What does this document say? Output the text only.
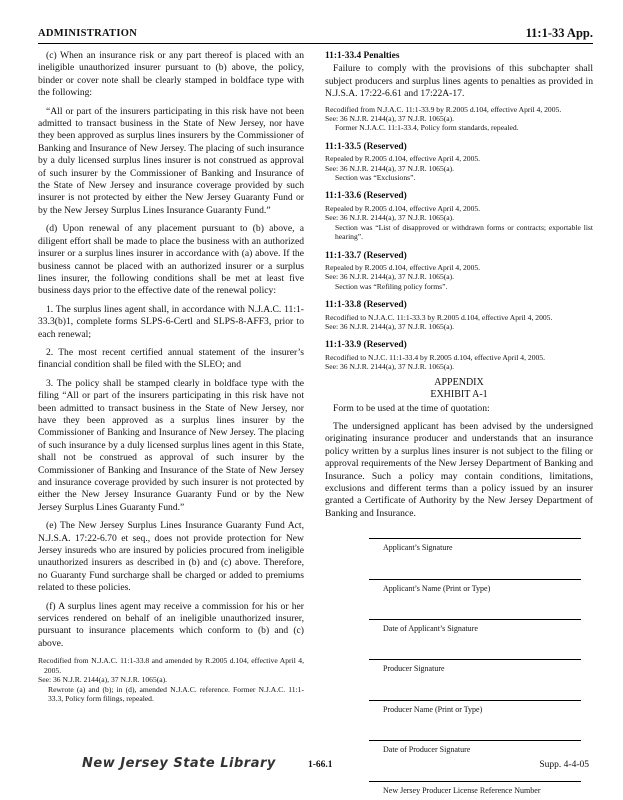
ADMINISTRATION	11:1-33 App.

(c) When an insurance risk or any part thereof is placed with an ineligible unauthorized insurer pursuant to (b) above, the policy, binder or cover note shall be clearly stamped in boldface type with the following:

“All or part of the insurers participating in this risk have not been admitted to transact business in the State of New Jersey, nor have they been approved as surplus lines insurers by the Commissioner of Banking and Insurance of New Jersey. The placing of such insurance by a duly licensed surplus lines insurer is not construed as approval of such insurer by the Commissioner of Banking and Insurance of the State of New Jersey and insurance coverage provided by such insurer is not protected by either the New Jersey Guaranty Fund or by the New Jersey Surplus Lines Insurance Guaranty Fund.”

(d) Upon renewal of any placement pursuant to (b) above, a diligent effort shall be made to place the business with an authorized insurer or a surplus lines insurer in accordance with (a) above. If the business cannot be placed with an authorized insurer or a surplus lines insurer, the following conditions shall be met at least five business days prior to the effective date of the renewal policy:

1. The surplus lines agent shall, in accordance with N.J.A.C. 11:1-33.3(b)1, complete forms SLPS-6-Certl and SLPS-8-AFF3, prior to each renewal;

2. The most recent certified annual statement of the insurer’s financial condition shall be filed with the SLEO; and

3. The policy shall be stamped clearly in boldface type with the filing “All or part of the insurers participating in this risk have not been admitted to transact business in the State of New Jersey, nor have they been approved as a surplus lines insurer by the Commissioner of Banking and Insurance of New Jersey. The placing of such insurance by a duly licensed surplus lines agent in this State, shall not be construed as approval of such insurer by the Commissioner of Banking and Insurance of the State of New Jersey and insurance coverage provided by such insurer is not protected by either the New Jersey Insurance Guaranty Fund or by the New Jersey Surplus Lines Guaranty Fund.”

(e) The New Jersey Surplus Lines Insurance Guaranty Fund Act, N.J.S.A. 17:22-6.70 et seq., does not provide protection for New Jersey insureds who are insured by policies procured from ineligible unauthorized insurers as described in (b) and (c) above. Therefore, no Guaranty Fund surcharge shall be charged or added to premiums related to these policies.

(f) A surplus lines agent may receive a commission for his or her services rendered on behalf of an ineligible unauthorized insurer, pursuant to insurance placements which conform to (b) and (c) above.

Recodified from N.J.A.C. 11:1-33.8 and amended by R.2005 d.104, effective April 4, 2005.
See: 36 N.J.R. 2144(a), 37 N.J.R. 1065(a).
Rewrote (a) and (b); in (d), amended N.J.A.C. reference. Former N.J.A.C. 11:1-33.3, Policy form filings, repealed.
11:1-33.4 Penalties

Failure to comply with the provisions of this subchapter shall subject producers and surplus lines agents to penalties as provided in N.J.S.A. 17:22-6.61 and 17:22A-17.

Recodified from N.J.A.C. 11:1-33.9 by R.2005 d.104, effective April 4, 2005.
See: 36 N.J.R. 2144(a), 37 N.J.R. 1065(a).
Former N.J.A.C. 11:1-33.4, Policy form standards, repealed.
11:1-33.5 (Reserved)
Repealed by R.2005 d.104, effective April 4, 2005.
See: 36 N.J.R. 2144(a), 37 N.J.R. 1065(a).
Section was “Exclusions”.
11:1-33.6 (Reserved)
Repealed by R.2005 d.104, effective April 4, 2005.
See: 36 N.J.R. 2144(a), 37 N.J.R. 1065(a).
Section was “List of disapproved or withdrawn forms or contracts; exportable list hearing”.
11:1-33.7 (Reserved)
Repealed by R.2005 d.104, effective April 4, 2005.
See: 36 N.J.R. 2144(a), 37 N.J.R. 1065(a).
Section was “Refiling policy forms”.
11:1-33.8 (Reserved)
Recodified to N.J.A.C. 11:1-33.3 by R.2005 d.104, effective April 4, 2005.
See: 36 N.J.R. 2144(a), 37 N.J.R. 1065(a).
11:1-33.9 (Reserved)
Recodified to N.J.C. 11:1-33.4 by R.2005 d.104, effective April 4, 2005.
See: 36 N.J.R. 2144(a), 37 N.J.R. 1065(a).
APPENDIX
EXHIBIT A-1

Form to be used at the time of quotation:

The undersigned applicant has been advised by the undersigned originating insurance producer and understands that an insurance policy written by a surplus lines insurer is not subject to the filing or approval requirements of the New Jersey Department of Banking and Insurance. Such a policy may contain conditions, limitations, exclusions and different terms than a policy issued by an insurer granted a Certificate of Authority by the New Jersey Department of Banking and Insurance.

Applicant’s Signature
Applicant’s Name (Print or Type)
Date of Applicant’s Signature
Producer Signature
Producer Name (Print or Type)
Date of Producer Signature
New Jersey Producer License Reference Number
New Jersey State Library	1-66.1	Supp. 4-4-05
